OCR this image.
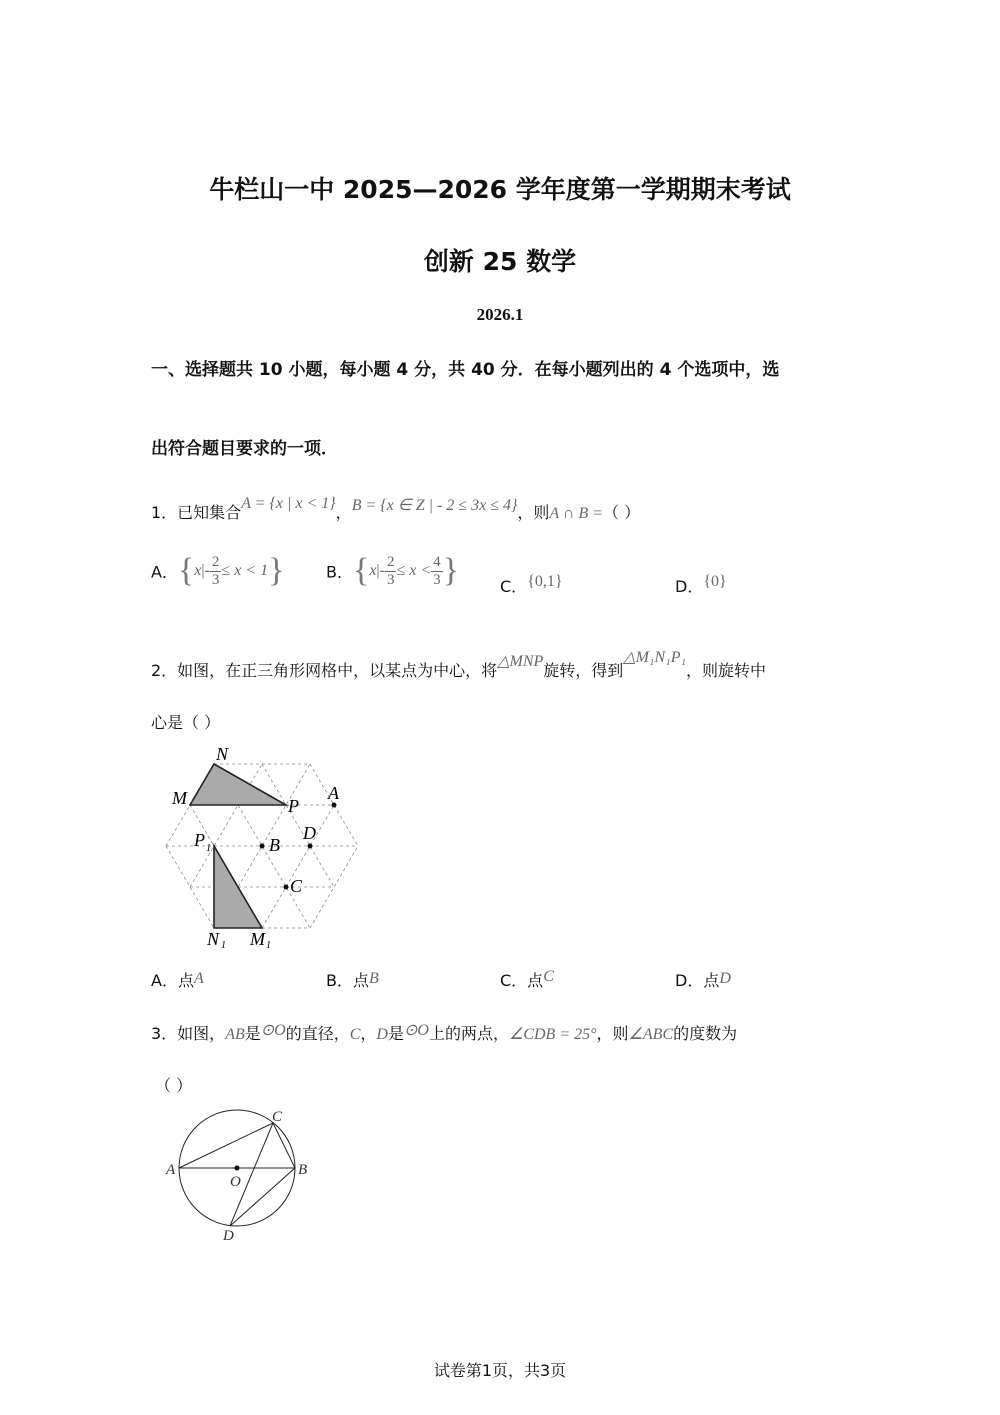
牛栏山一中 2025—2026 学年度第一学期期末考试
创新 25 数学
2026.1
一、选择题共 10 小题，每小题 4 分，共 40 分．在每小题列出的 4 个选项中，选
出符合题目要求的一项．
1．已知集合A = {x | x < 1}，B = {x ∈ Z | - 2 ≤ 3x ≤ 4}，则A ∩ B =（ ）
A．$\{x|- \frac{2}{3} \le x < 1\}$	B．{$x|- \frac{2}{3} \le x < \frac{4}{3}$ }	C．{0,1}	D．{0}
2．如图，在正三角形网格中，以某点为中心，将△MNP旋转，得到△M₁N₁P₁，则旋转中
心是（ ）
N
M	P
A
P 1	B
D
C
N 1 M 1
A．点A	B．点B	C．点C	D．点D
3．如图，AB是⊙O的直径，C，D是⊙O上的两点，∠CDB = 25°，则∠ABC的度数为
（ ）
A	B
C
D
O
试卷第1页，共3页
